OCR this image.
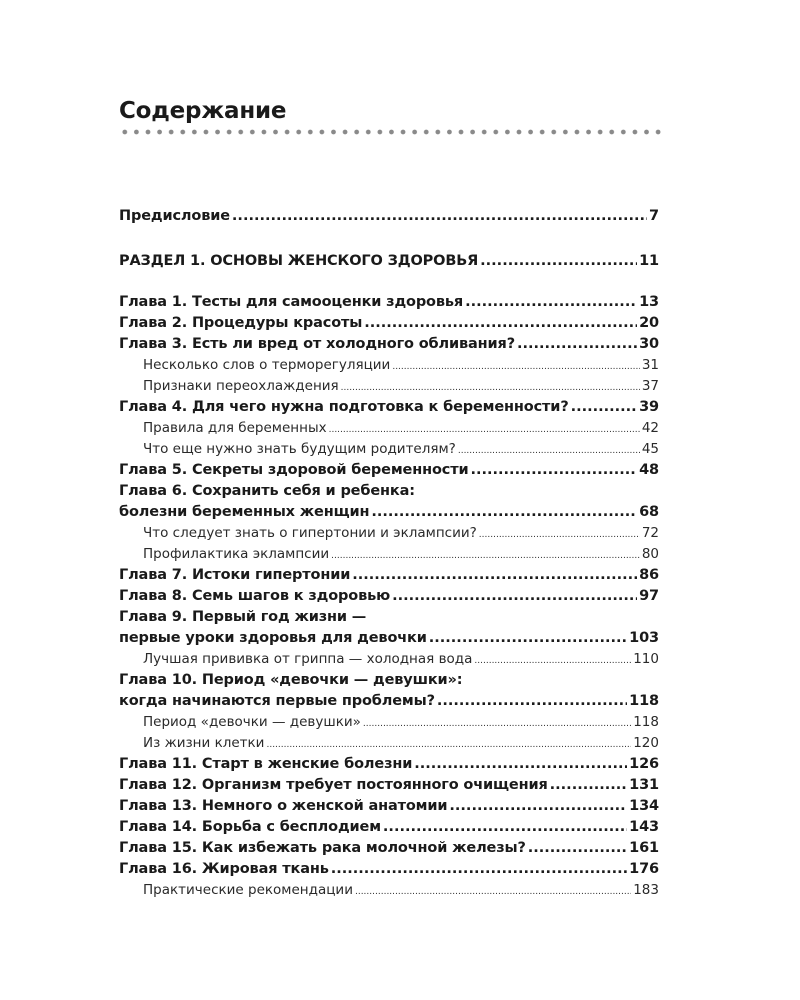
Содержание
Предисловие .....	7
РАЗДЕЛ 1. ОСНОВЫ ЖЕНСКОГО ЗДОРОВЬЯ .....	11
Глава 1. Тесты для самооценки здоровья .....	13
Глава 2. Процедуры красоты .....	20
Глава 3. Есть ли вред от холодного обливания? .....	30
Несколько слов о терморегуляции .....	31
Признаки переохлаждения .....	37
Глава 4. Для чего нужна подготовка к беременности? .....	39
Правила для беременных .....	42
Что еще нужно знать будущим родителям? .....	45
Глава 5. Секреты здоровой беременности .....	48
Глава 6. Сохранить себя и ребенка:
болезни беременных женщин .....	68
Что следует знать о гипертонии и эклампсии? .....	72
Профилактика эклампсии .....	80
Глава 7. Истоки гипертонии .....	86
Глава 8. Семь шагов к здоровью .....	97
Глава 9. Первый год жизни —
первые уроки здоровья для девочки .....	103
Лучшая прививка от гриппа — холодная вода .....	110
Глава 10. Период «девочки — девушки»:
когда начинаются первые проблемы? .....	118
Период «девочки — девушки» .....	118
Из жизни клетки .....	120
Глава 11. Старт в женские болезни .....	126
Глава 12. Организм требует постоянного очищения .....	131
Глава 13. Немного о женской анатомии .....	134
Глава 14. Борьба с бесплодием .....	143
Глава 15. Как избежать рака молочной железы? .....	161
Глава 16. Жировая ткань .....	176
Практические рекомендации .....	183
